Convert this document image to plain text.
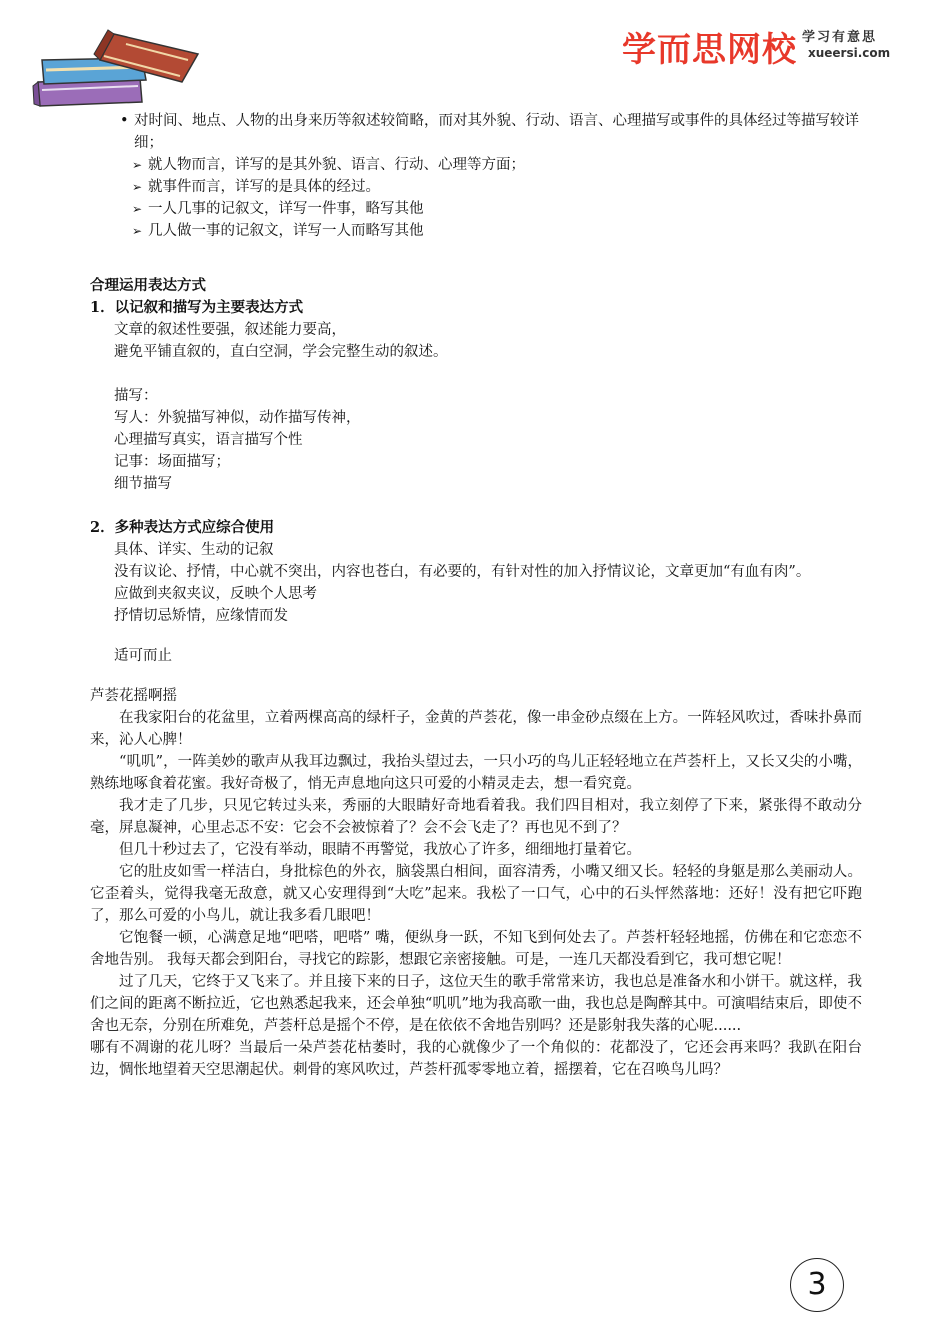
学而思网校 学习有意思
xueersi.com
• 对时间、地点、人物的出身来历等叙述较简略，而对其外貌、行动、语言、心理描写或事件的具体经过等描写较详细；
➢ 就人物而言，详写的是其外貌、语言、行动、心理等方面；
➢ 就事件而言，详写的是具体的经过。
➢ 一人几事的记叙文，详写一件事，略写其他
➢ 几人做一事的记叙文，详写一人而略写其他
合理运用表达方式
1．以记叙和描写为主要表达方式
文章的叙述性要强，叙述能力要高，
避免平铺直叙的，直白空洞，学会完整生动的叙述。
描写：
写人：外貌描写神似，动作描写传神，
心理描写真实，语言描写个性
记事：场面描写；
细节描写
2．多种表达方式应综合使用
具体、详实、生动的记叙
没有议论、抒情，中心就不突出，内容也苍白，有必要的，有针对性的加入抒情议论，文章更加“有血有肉”。
应做到夹叙夹议，反映个人思考
抒情切忌矫情，应缘情而发
适可而止
芦荟花摇啊摇
在我家阳台的花盆里，立着两棵高高的绿杆子，金黄的芦荟花，像一串金砂点缀在上方。一阵轻风吹过，香味扑鼻而来，沁人心脾！
“叽叽”，一阵美妙的歌声从我耳边飘过，我抬头望过去，一只小巧的鸟儿正轻轻地立在芦荟杆上，又长又尖的小嘴，熟练地啄食着花蜜。我好奇极了，悄无声息地向这只可爱的小精灵走去，想一看究竟。
我才走了几步，只见它转过头来，秀丽的大眼睛好奇地看着我。我们四目相对，我立刻停了下来，紧张得不敢动分毫，屏息凝神，心里忐忑不安：它会不会被惊着了？会不会飞走了？再也见不到了？
但几十秒过去了，它没有举动，眼睛不再警觉，我放心了许多，细细地打量着它。
它的肚皮如雪一样洁白，身批棕色的外衣，脑袋黑白相间，面容清秀，小嘴又细又长。轻轻的身躯是那么美丽动人。它歪着头，觉得我毫无敌意，就又心安理得到“大吃”起来。我松了一口气，心中的石头怦然落地：还好！没有把它吓跑了，那么可爱的小鸟儿，就让我多看几眼吧！
它饱餐一顿，心满意足地“吧嗒，吧嗒” 嘴，便纵身一跃，不知飞到何处去了。芦荟杆轻轻地摇，仿佛在和它恋恋不舍地告别。 我每天都会到阳台，寻找它的踪影，想跟它亲密接触。可是，一连几天都没看到它，我可想它呢！
过了几天，它终于又飞来了。并且接下来的日子，这位天生的歌手常常来访，我也总是准备水和小饼干。就这样，我们之间的距离不断拉近，它也熟悉起我来，还会单独“叽叽”地为我高歌一曲，我也总是陶醉其中。可演唱结束后，即使不舍也无奈，分别在所难免，芦荟杆总是摇个不停，是在依依不舍地告别吗？还是影射我失落的心呢......
哪有不凋谢的花儿呀？当最后一朵芦荟花枯萎时，我的心就像少了一个角似的：花都没了，它还会再来吗？我趴在阳台边，惆怅地望着天空思潮起伏。刺骨的寒风吹过，芦荟杆孤零零地立着，摇摆着，它在召唤鸟儿吗？
3
